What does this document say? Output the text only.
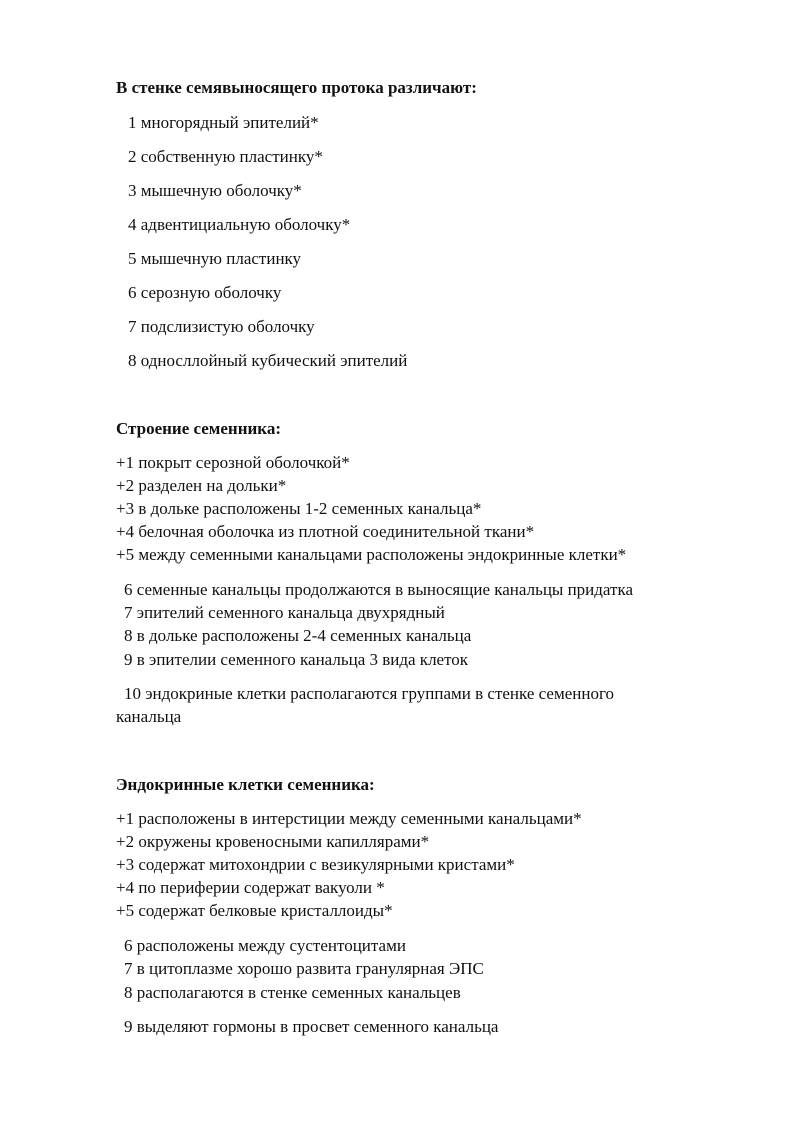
В стенке семявыносящего протока различают:
1 многорядный эпителий*
2 собственную пластинку*
3 мышечную оболочку*
4 адвентициальную оболочку*
5 мышечную пластинку
6 серозную оболочку
7 подслизистую оболочку
8 односллойный кубический эпителий
Строение семенника:
+1 покрыт серозной оболочкой*
+2 разделен на дольки*
+3 в дольке расположены 1-2 семенных канальца*
+4 белочная оболочка из плотной соединительной ткани*
+5 между семенными канальцами расположены эндокринные клетки*
6 семенные канальцы продолжаются в выносящие канальцы придатка
7 эпителий семенного канальца двухрядный
8 в дольке расположены 2-4 семенных канальца
9 в эпителии семенного канальца 3 вида клеток
10 эндокриные клетки располагаются группами в стенке семенного
канальца
Эндокринные клетки семенника:
+1 расположены в интерстиции между семенными канальцами*
+2 окружены кровеносными капиллярами*
+3 содержат митохондрии с везикулярными кристами*
+4 по периферии содержат вакуоли *
+5 содержат белковые кристаллоиды*
6 расположены между сустентоцитами
7 в цитоплазме хорошо развита гранулярная ЭПС
8 располагаются в стенке семенных канальцев
9 выделяют гормоны в просвет семенного канальца
